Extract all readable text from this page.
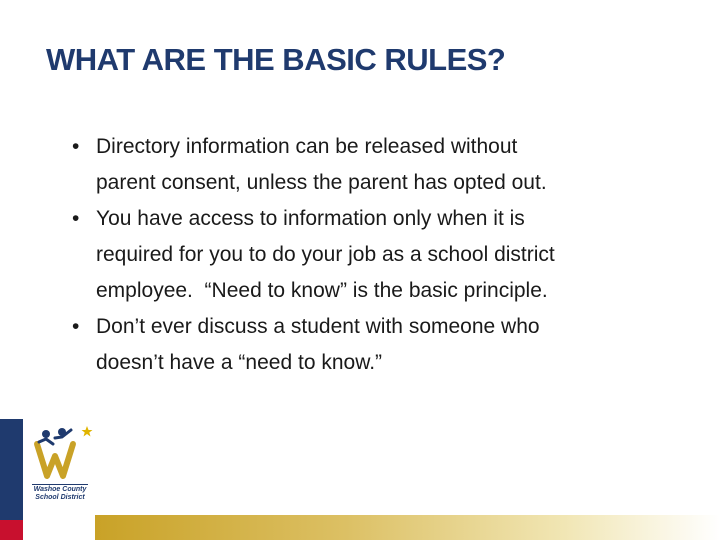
WHAT ARE THE BASIC RULES?
• Directory information can be released without
parent consent, unless the parent has opted out.
• You have access to information only when it is
required for you to do your job as a school district
employee.  “Need to know” is the basic principle.
• Don’t ever discuss a student with someone who
doesn’t have a “need to know.”
Washoe County
School District
